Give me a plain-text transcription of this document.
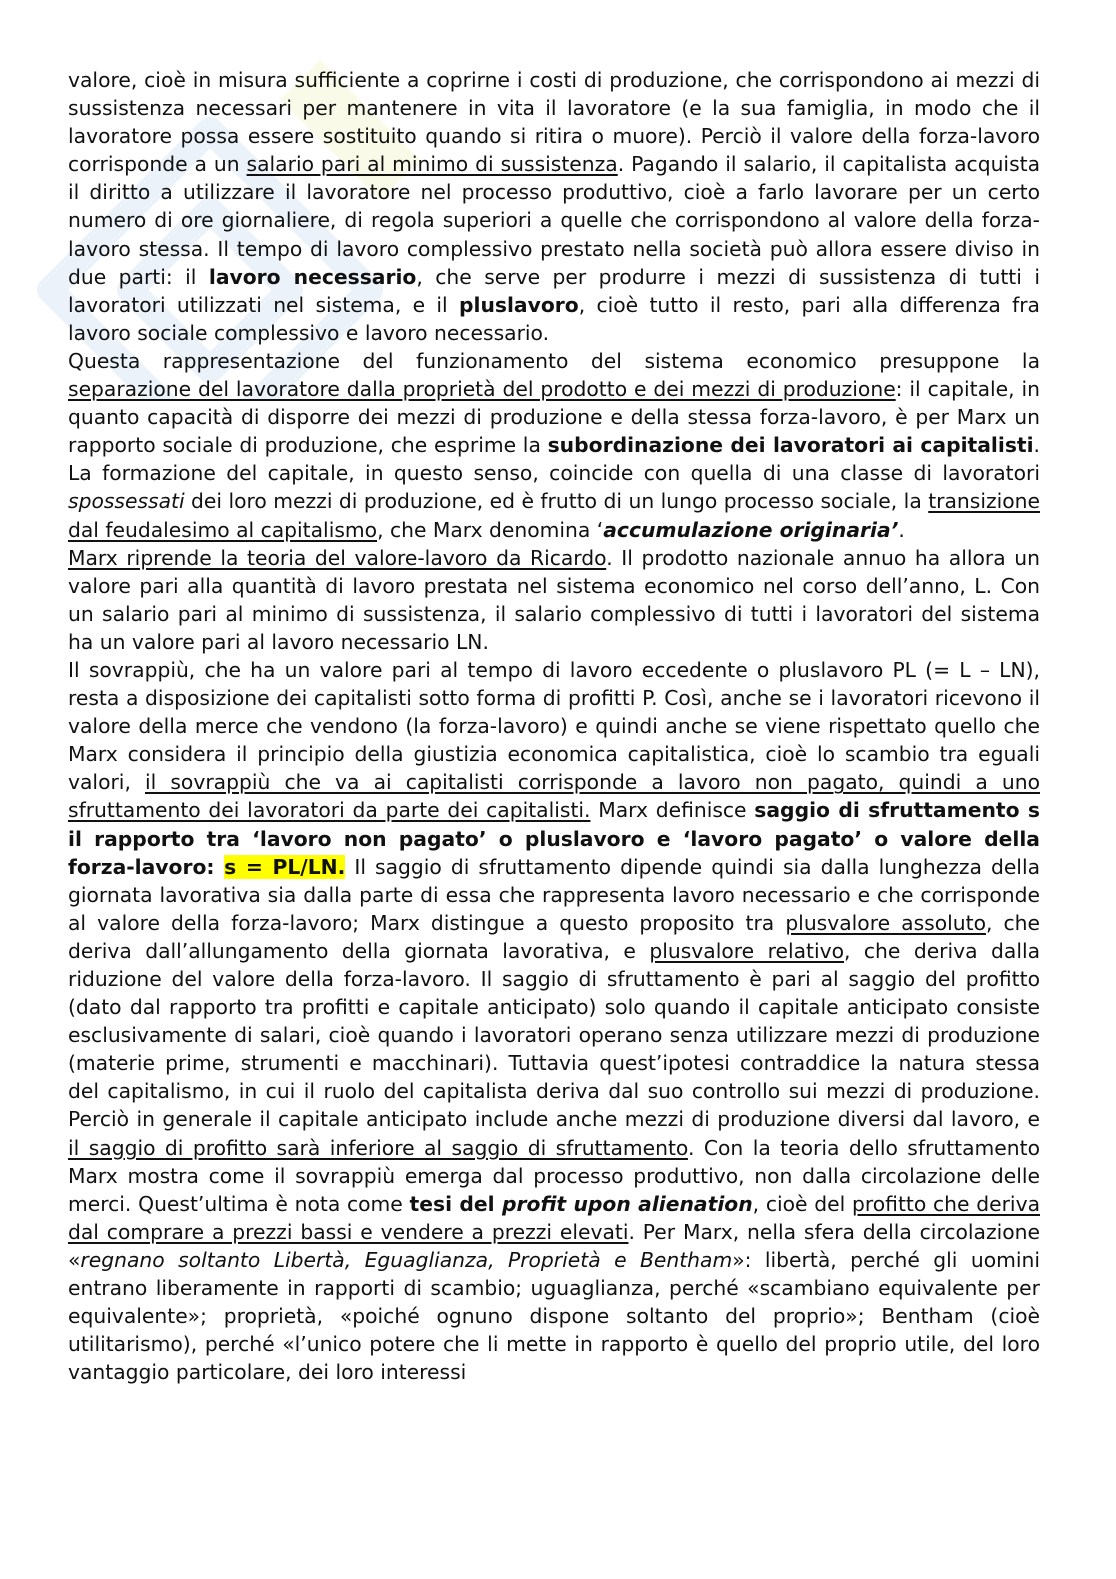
valore, cioè in misura sufficiente a coprirne i costi di produzione, che corrispondono ai mezzi di sussistenza necessari per mantenere in vita il lavoratore (e la sua famiglia, in modo che il lavoratore possa essere sostituito quando si ritira o muore). Perciò il valore della forza-lavoro corrisponde a un salario pari al minimo di sussistenza. Pagando il salario, il capitalista acquista il diritto a utilizzare il lavoratore nel processo produttivo, cioè a farlo lavorare per un certo numero di ore giornaliere, di regola superiori a quelle che corrispondono al valore della forza-lavoro stessa. Il tempo di lavoro complessivo prestato nella società può allora essere diviso in due parti: il lavoro necessario, che serve per produrre i mezzi di sussistenza di tutti i lavoratori utilizzati nel sistema, e il pluslavoro, cioè tutto il resto, pari alla differenza fra lavoro sociale complessivo e lavoro necessario.

Questa rappresentazione del funzionamento del sistema economico presuppone la separazione del lavoratore dalla proprietà del prodotto e dei mezzi di produzione: il capitale, in quanto capacità di disporre dei mezzi di produzione e della stessa forza-lavoro, è per Marx un rapporto sociale di produzione, che esprime la subordinazione dei lavoratori ai capitalisti. La formazione del capitale, in questo senso, coincide con quella di una classe di lavoratori spossessati dei loro mezzi di produzione, ed è frutto di un lungo processo sociale, la transizione dal feudalesimo al capitalismo, che Marx denomina ‘accumulazione originaria’.

Marx riprende la teoria del valore-lavoro da Ricardo. Il prodotto nazionale annuo ha allora un valore pari alla quantità di lavoro prestata nel sistema economico nel corso dell’anno, L. Con un salario pari al minimo di sussistenza, il salario complessivo di tutti i lavoratori del sistema ha un valore pari al lavoro necessario LN.

Il sovrappiù, che ha un valore pari al tempo di lavoro eccedente o pluslavoro PL (= L – LN), resta a disposizione dei capitalisti sotto forma di profitti P. Così, anche se i lavoratori ricevono il valore della merce che vendono (la forza-lavoro) e quindi anche se viene rispettato quello che Marx considera il principio della giustizia economica capitalistica, cioè lo scambio tra eguali valori, il sovrappiù che va ai capitalisti corrisponde a lavoro non pagato, quindi a uno sfruttamento dei lavoratori da parte dei capitalisti. Marx definisce saggio di sfruttamento s il rapporto tra ‘lavoro non pagato’ o pluslavoro e ‘lavoro pagato’ o valore della forza-lavoro: s = PL/LN. Il saggio di sfruttamento dipende quindi sia dalla lunghezza della giornata lavorativa sia dalla parte di essa che rappresenta lavoro necessario e che corrisponde al valore della forza-lavoro; Marx distingue a questo proposito tra plusvalore assoluto, che deriva dall’allungamento della giornata lavorativa, e plusvalore relativo, che deriva dalla riduzione del valore della forza-lavoro. Il saggio di sfruttamento è pari al saggio del profitto (dato dal rapporto tra profitti e capitale anticipato) solo quando il capitale anticipato consiste esclusivamente di salari, cioè quando i lavoratori operano senza utilizzare mezzi di produzione (materie prime, strumenti e macchinari). Tuttavia quest’ipotesi contraddice la natura stessa del capitalismo, in cui il ruolo del capitalista deriva dal suo controllo sui mezzi di produzione. Perciò in generale il capitale anticipato include anche mezzi di produzione diversi dal lavoro, e il saggio di profitto sarà inferiore al saggio di sfruttamento. Con la teoria dello sfruttamento Marx mostra come il sovrappiù emerga dal processo produttivo, non dalla circolazione delle merci. Quest’ultima è nota come tesi del profit upon alienation, cioè del profitto che deriva dal comprare a prezzi bassi e vendere a prezzi elevati. Per Marx, nella sfera della circolazione «regnano soltanto Libertà, Eguaglianza, Proprietà e Bentham»: libertà, perché gli uomini entrano liberamente in rapporti di scambio; uguaglianza, perché «scambiano equivalente per equivalente»; proprietà, «poiché ognuno dispone soltanto del proprio»; Bentham (cioè utilitarismo), perché «l’unico potere che li mette in rapporto è quello del proprio utile, del loro vantaggio particolare, dei loro interessi
